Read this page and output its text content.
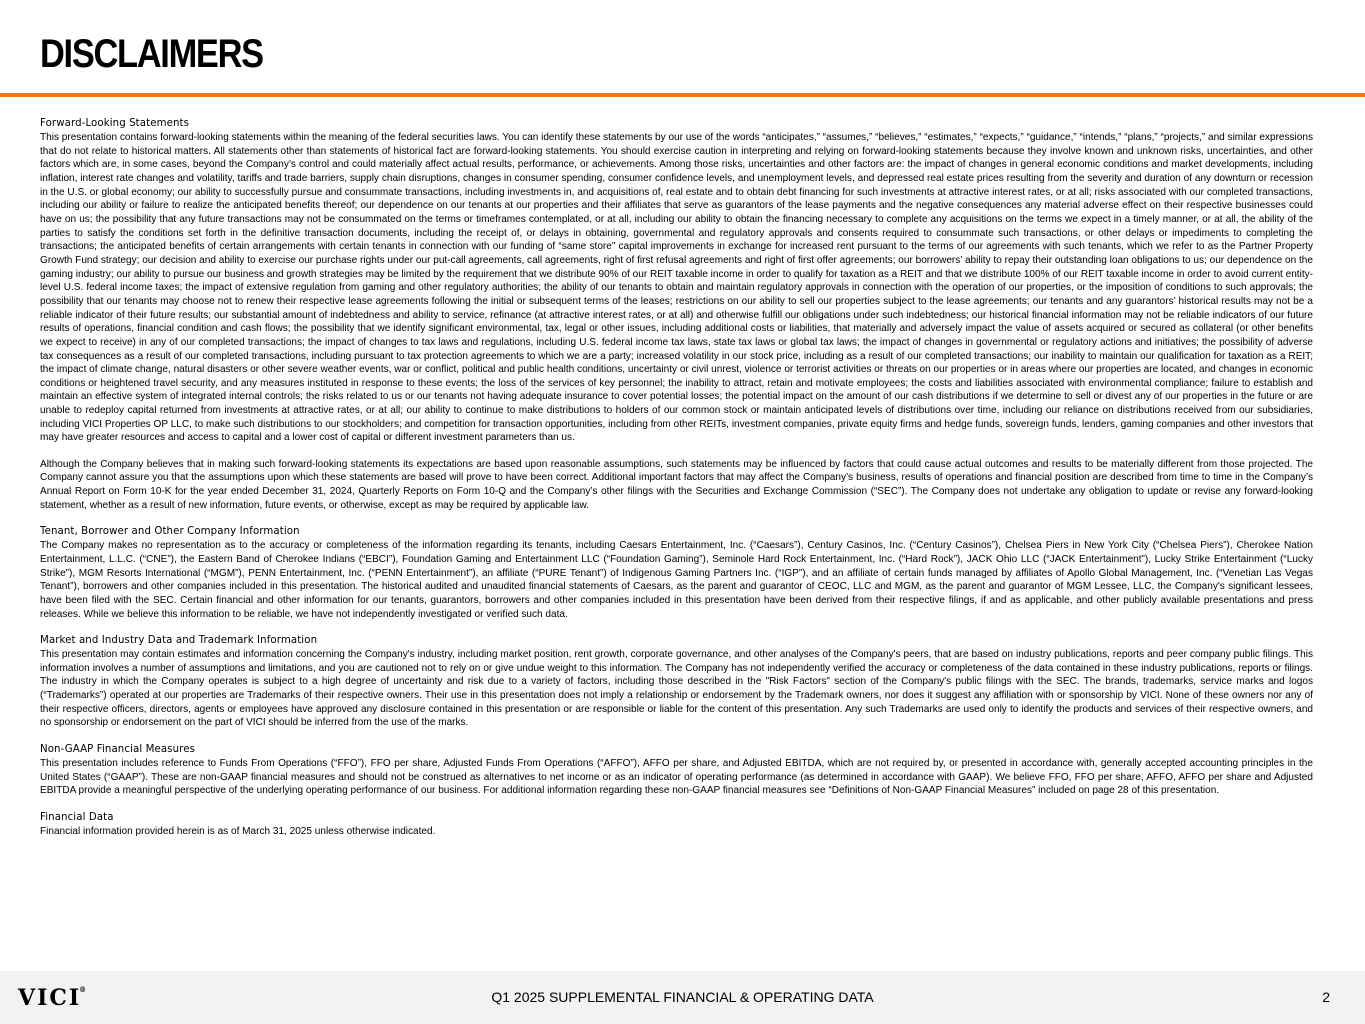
DISCLAIMERS
Forward-Looking Statements

This presentation contains forward-looking statements within the meaning of the federal securities laws. You can identify these statements by our use of the words “anticipates,” “assumes,” “believes,” “estimates,” “expects,” “guidance,” “intends,” “plans,” “projects,” and similar expressions that do not relate to historical matters. All statements other than statements of historical fact are forward-looking statements. You should exercise caution in interpreting and relying on forward-looking statements because they involve known and unknown risks, uncertainties, and other factors which are, in some cases, beyond the Company’s control and could materially affect actual results, performance, or achievements. Among those risks, uncertainties and other factors are: the impact of changes in general economic conditions and market developments, including inflation, interest rate changes and volatility, tariffs and trade barriers, supply chain disruptions, changes in consumer spending, consumer confidence levels, and unemployment levels, and depressed real estate prices resulting from the severity and duration of any downturn or recession in the U.S. or global economy; our ability to successfully pursue and consummate transactions, including investments in, and acquisitions of, real estate and to obtain debt financing for such investments at attractive interest rates, or at all; risks associated with our completed transactions, including our ability or failure to realize the anticipated benefits thereof; our dependence on our tenants at our properties and their affiliates that serve as guarantors of the lease payments and the negative consequences any material adverse effect on their respective businesses could have on us; the possibility that any future transactions may not be consummated on the terms or timeframes contemplated, or at all, including our ability to obtain the financing necessary to complete any acquisitions on the terms we expect in a timely manner, or at all, the ability of the parties to satisfy the conditions set forth in the definitive transaction documents, including the receipt of, or delays in obtaining, governmental and regulatory approvals and consents required to consummate such transactions, or other delays or impediments to completing the transactions; the anticipated benefits of certain arrangements with certain tenants in connection with our funding of “same store” capital improvements in exchange for increased rent pursuant to the terms of our agreements with such tenants, which we refer to as the Partner Property Growth Fund strategy; our decision and ability to exercise our purchase rights under our put-call agreements, call agreements, right of first refusal agreements and right of first offer agreements; our borrowers’ ability to repay their outstanding loan obligations to us; our dependence on the gaming industry; our ability to pursue our business and growth strategies may be limited by the requirement that we distribute 90% of our REIT taxable income in order to qualify for taxation as a REIT and that we distribute 100% of our REIT taxable income in order to avoid current entity-level U.S. federal income taxes; the impact of extensive regulation from gaming and other regulatory authorities; the ability of our tenants to obtain and maintain regulatory approvals in connection with the operation of our properties, or the imposition of conditions to such approvals; the possibility that our tenants may choose not to renew their respective lease agreements following the initial or subsequent terms of the leases; restrictions on our ability to sell our properties subject to the lease agreements; our tenants and any guarantors’ historical results may not be a reliable indicator of their future results; our substantial amount of indebtedness and ability to service, refinance (at attractive interest rates, or at all) and otherwise fulfill our obligations under such indebtedness; our historical financial information may not be reliable indicators of our future results of operations, financial condition and cash flows; the possibility that we identify significant environmental, tax, legal or other issues, including additional costs or liabilities, that materially and adversely impact the value of assets acquired or secured as collateral (or other benefits we expect to receive) in any of our completed transactions; the impact of changes to tax laws and regulations, including U.S. federal income tax laws, state tax laws or global tax laws; the impact of changes in governmental or regulatory actions and initiatives; the possibility of adverse tax consequences as a result of our completed transactions, including pursuant to tax protection agreements to which we are a party; increased volatility in our stock price, including as a result of our completed transactions; our inability to maintain our qualification for taxation as a REIT; the impact of climate change, natural disasters or other severe weather events, war or conflict, political and public health conditions, uncertainty or civil unrest, violence or terrorist activities or threats on our properties or in areas where our properties are located, and changes in economic conditions or heightened travel security, and any measures instituted in response to these events; the loss of the services of key personnel; the inability to attract, retain and motivate employees; the costs and liabilities associated with environmental compliance; failure to establish and maintain an effective system of integrated internal controls; the risks related to us or our tenants not having adequate insurance to cover potential losses; the potential impact on the amount of our cash distributions if we determine to sell or divest any of our properties in the future or are unable to redeploy capital returned from investments at attractive rates, or at all; our ability to continue to make distributions to holders of our common stock or maintain anticipated levels of distributions over time, including our reliance on distributions received from our subsidiaries, including VICI Properties OP LLC, to make such distributions to our stockholders; and competition for transaction opportunities, including from other REITs, investment companies, private equity firms and hedge funds, sovereign funds, lenders, gaming companies and other investors that may have greater resources and access to capital and a lower cost of capital or different investment parameters than us.

Although the Company believes that in making such forward-looking statements its expectations are based upon reasonable assumptions, such statements may be influenced by factors that could cause actual outcomes and results to be materially different from those projected. The Company cannot assure you that the assumptions upon which these statements are based will prove to have been correct. Additional important factors that may affect the Company’s business, results of operations and financial position are described from time to time in the Company’s Annual Report on Form 10-K for the year ended December 31, 2024, Quarterly Reports on Form 10-Q and the Company’s other filings with the Securities and Exchange Commission (“SEC”). The Company does not undertake any obligation to update or revise any forward-looking statement, whether as a result of new information, future events, or otherwise, except as may be required by applicable law.

Tenant, Borrower and Other Company Information

The Company makes no representation as to the accuracy or completeness of the information regarding its tenants, including Caesars Entertainment, Inc. (“Caesars”), Century Casinos, Inc. (“Century Casinos”), Chelsea Piers in New York City (“Chelsea Piers”), Cherokee Nation Entertainment, L.L.C. (“CNE”), the Eastern Band of Cherokee Indians (“EBCI”), Foundation Gaming and Entertainment LLC (“Foundation Gaming”), Seminole Hard Rock Entertainment, Inc. (“Hard Rock”), JACK Ohio LLC (“JACK Entertainment”), Lucky Strike Entertainment (“Lucky Strike”), MGM Resorts International (“MGM”), PENN Entertainment, Inc. (“PENN Entertainment”), an affiliate (“PURE Tenant”) of Indigenous Gaming Partners Inc. (“IGP”), and an affiliate of certain funds managed by affiliates of Apollo Global Management, Inc. (“Venetian Las Vegas Tenant”), borrowers and other companies included in this presentation. The historical audited and unaudited financial statements of Caesars, as the parent and guarantor of CEOC, LLC and MGM, as the parent and guarantor of MGM Lessee, LLC, the Company's significant lessees, have been filed with the SEC. Certain financial and other information for our tenants, guarantors, borrowers and other companies included in this presentation have been derived from their respective filings, if and as applicable, and other publicly available presentations and press releases. While we believe this information to be reliable, we have not independently investigated or verified such data.

Market and Industry Data and Trademark Information

This presentation may contain estimates and information concerning the Company's industry, including market position, rent growth, corporate governance, and other analyses of the Company's peers, that are based on industry publications, reports and peer company public filings. This information involves a number of assumptions and limitations, and you are cautioned not to rely on or give undue weight to this information. The Company has not independently verified the accuracy or completeness of the data contained in these industry publications, reports or filings. The industry in which the Company operates is subject to a high degree of uncertainty and risk due to a variety of factors, including those described in the "Risk Factors" section of the Company's public filings with the SEC. The brands, trademarks, service marks and logos (“Trademarks”) operated at our properties are Trademarks of their respective owners. Their use in this presentation does not imply a relationship or endorsement by the Trademark owners, nor does it suggest any affiliation with or sponsorship by VICI. None of these owners nor any of their respective officers, directors, agents or employees have approved any disclosure contained in this presentation or are responsible or liable for the content of this presentation. Any such Trademarks are used only to identify the products and services of their respective owners, and no sponsorship or endorsement on the part of VICI should be inferred from the use of the marks.

Non-GAAP Financial Measures

This presentation includes reference to Funds From Operations (“FFO”), FFO per share, Adjusted Funds From Operations (“AFFO”), AFFO per share, and Adjusted EBITDA, which are not required by, or presented in accordance with, generally accepted accounting principles in the United States (“GAAP”). These are non-GAAP financial measures and should not be construed as alternatives to net income or as an indicator of operating performance (as determined in accordance with GAAP). We believe FFO, FFO per share, AFFO, AFFO per share and Adjusted EBITDA provide a meaningful perspective of the underlying operating performance of our business. For additional information regarding these non-GAAP financial measures see “Definitions of Non-GAAP Financial Measures” included on page 28 of this presentation.

Financial Data

Financial information provided herein is as of March 31, 2025 unless otherwise indicated.

VICI®	Q1 2025 SUPPLEMENTAL FINANCIAL & OPERATING DATA	2
